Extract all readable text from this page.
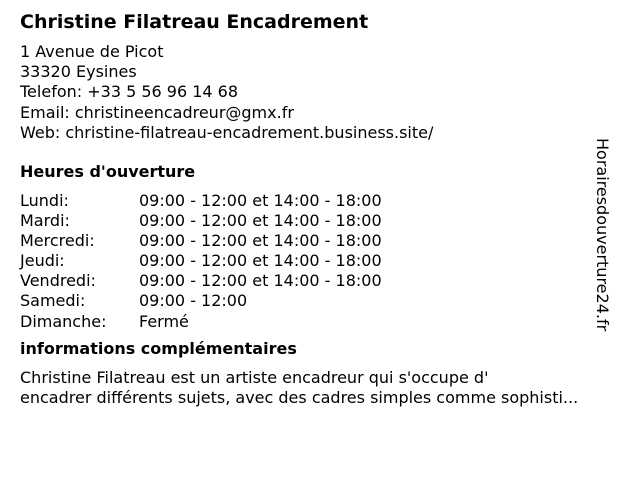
Christine Filatreau Encadrement
1 Avenue de Picot
33320 Eysines
Telefon: +33 5 56 96 14 68
Email: christineencadreur@gmx.fr
Web: christine-filatreau-encadrement.business.site/
Heures d'ouverture
Lundi:	09:00 - 12:00 et 14:00 - 18:00
Mardi:	09:00 - 12:00 et 14:00 - 18:00
Mercredi:	09:00 - 12:00 et 14:00 - 18:00
Jeudi:	09:00 - 12:00 et 14:00 - 18:00
Vendredi:	09:00 - 12:00 et 14:00 - 18:00
Samedi:	09:00 - 12:00
Dimanche:	Fermé
informations complémentaires
Christine Filatreau est un artiste encadreur qui s'occupe d'
encadrer différents sujets, avec des cadres simples comme sophisti...
Horairesdouverture24.fr
